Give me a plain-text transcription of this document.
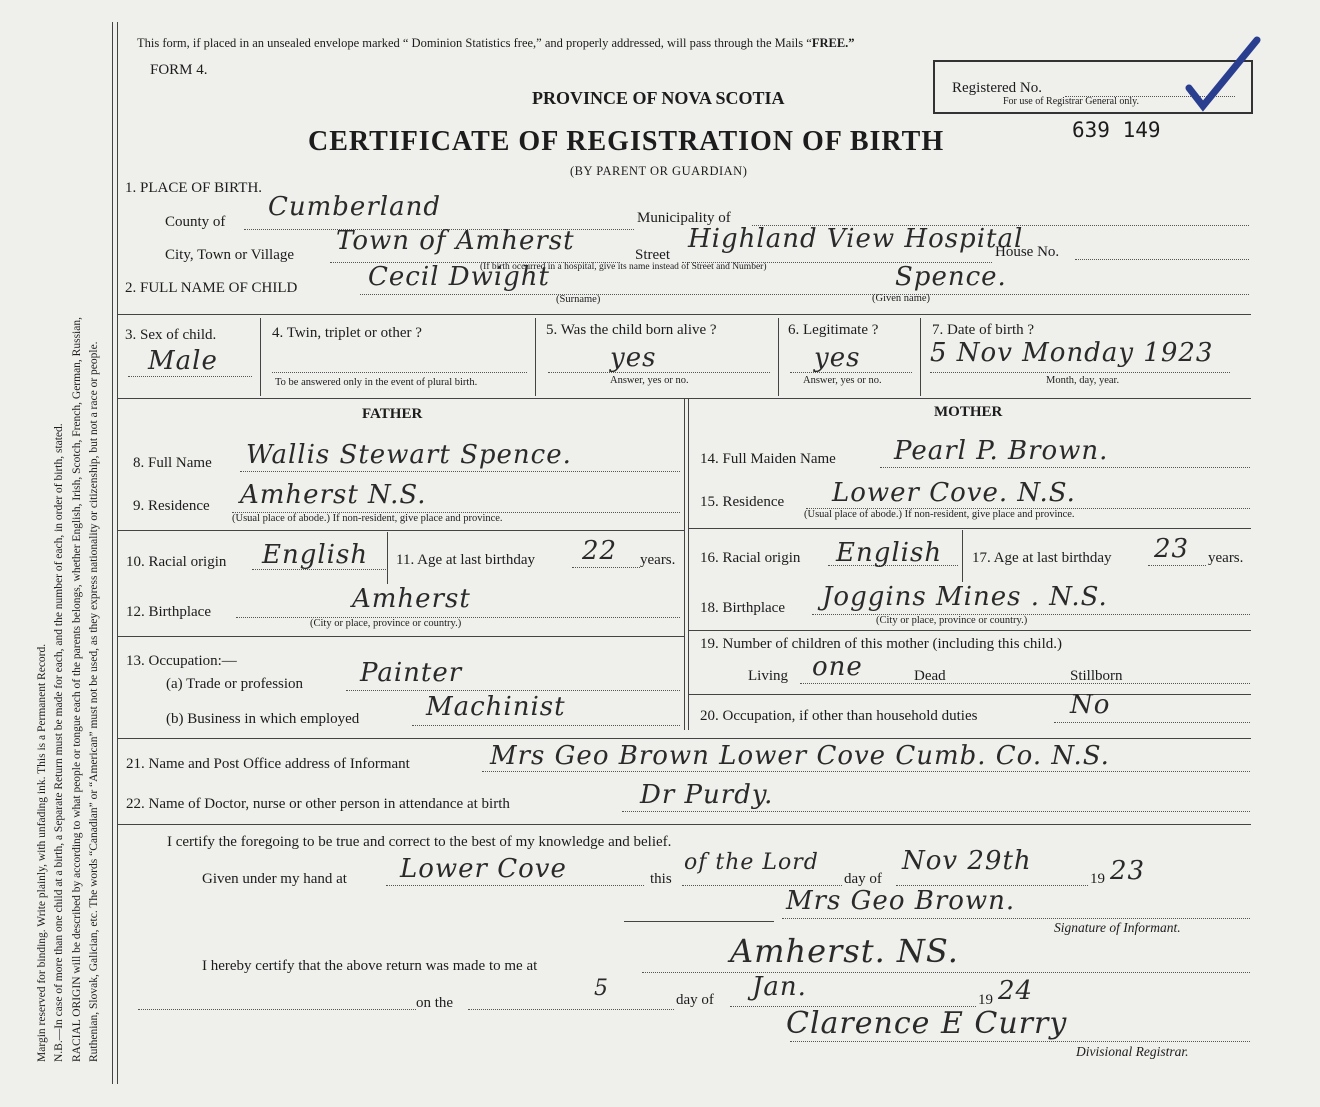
Margin reserved for binding. Write plainly, with unfading ink. This is a Permanent Record. N.B.—In case of more than one child at a birth, a Separate Return must be made for each, and the number of each, in order of birth, stated. RACIAL ORIGIN will be described by according to what people or tongue each of the parents belongs, whether English, Irish, Scotch, French, German, Russian, Ruthenian, Slovak, Galician, etc. The words “Canadian” or “American” must not be used, as they express nationality or citizenship, but not a race or people.
This form, if placed in an unsealed envelope marked “ Dominion Statistics free,” and properly addressed, will pass through the Mails “FREE.”
FORM 4.
PROVINCE OF NOVA SCOTIA
CERTIFICATE OF REGISTRATION OF BIRTH
(BY PARENT OR GUARDIAN)
Registered No.
For use of Registrar General only.
639 149
1. PLACE OF BIRTH.
County of Cumberland	Municipality of
City, Town or Village Town of Amherst	Street
Highland View Hospital
House No.
(If birth occurred in a hospital, give its name instead of Street and Number)
2. FULL NAME OF CHILD	Cecil Dwight	Spence.
(Surname)	(Given name)
3. Sex of child.
Male
4. Twin, triplet or other ?
To be answered only in the event of plural birth.
5. Was the child born alive ?
yes
Answer, yes or no.
6. Legitimate ?
yes
Answer, yes or no.
7. Date of birth ?
5 Nov Monday 1923
Month, day, year.
FATHER
8. Full Name Wallis Stewart Spence.
9. Residence Amherst N.S.
(Usual place of abode.) If non-resident, give place and province.
10. Racial origin English 11. Age at last birthday 22 years.
12. Birthplace	Amherst
(City or place, province or country.)
13. Occupation:—
(a) Trade or profession Painter
(b) Business in which employed	Machinist
MOTHER
14. Full Maiden Name Pearl P. Brown.
15. Residence Lower Cove. N.S.
(Usual place of abode.) If non-resident, give place and province.
16. Racial origin English 17. Age at last birthday 23 years.
18. Birthplace Joggins Mines . N.S.
(City or place, province or country.)
19. Number of children of this mother (including this child.)
Living one	Dead	Stillborn
20. Occupation, if other than household duties	No
21. Name and Post Office address of Informant	Mrs Geo Brown Lower Cove Cumb. Co. N.S.
22. Name of Doctor, nurse or other person in attendance at birth	Dr Purdy.
I certify the foregoing to be true and correct to the best of my knowledge and belief.
Given under my hand at Lower Cove	this
of the Lord
day of
Nov 29th
19 23
Mrs Geo Brown.
Signature of Informant.
I hereby certify that the above return was made to me at	Amherst. NS.
on the
5	day of Jan.	19 24
Clarence E Curry
Divisional Registrar.
